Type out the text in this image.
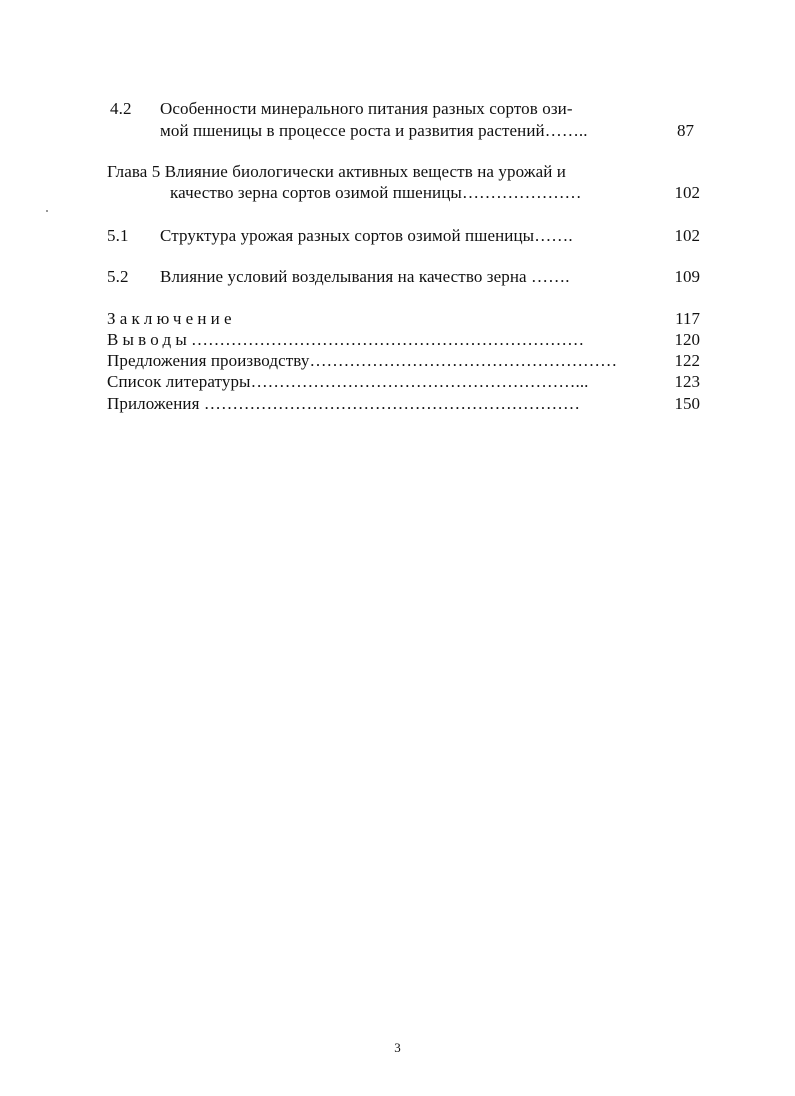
4.2 Особенности минерального питания разных сортов ози-
мой пшеницы в процессе роста и развития растений……..	87
Глава 5 Влияние биологически активных веществ на урожай и
качество зерна сортов озимой пшеницы…………………	102
5.1 Структура урожая разных сортов озимой пшеницы…….	102
5.2 Влияние условий возделывания на качество зерна …….	109
Заключение	117
Выводы……………………………………………………………	120
Предложения производству………………………………………………	122
Список литературы…………………………………………………...	123
Приложения …………………………………………………………	150
3
